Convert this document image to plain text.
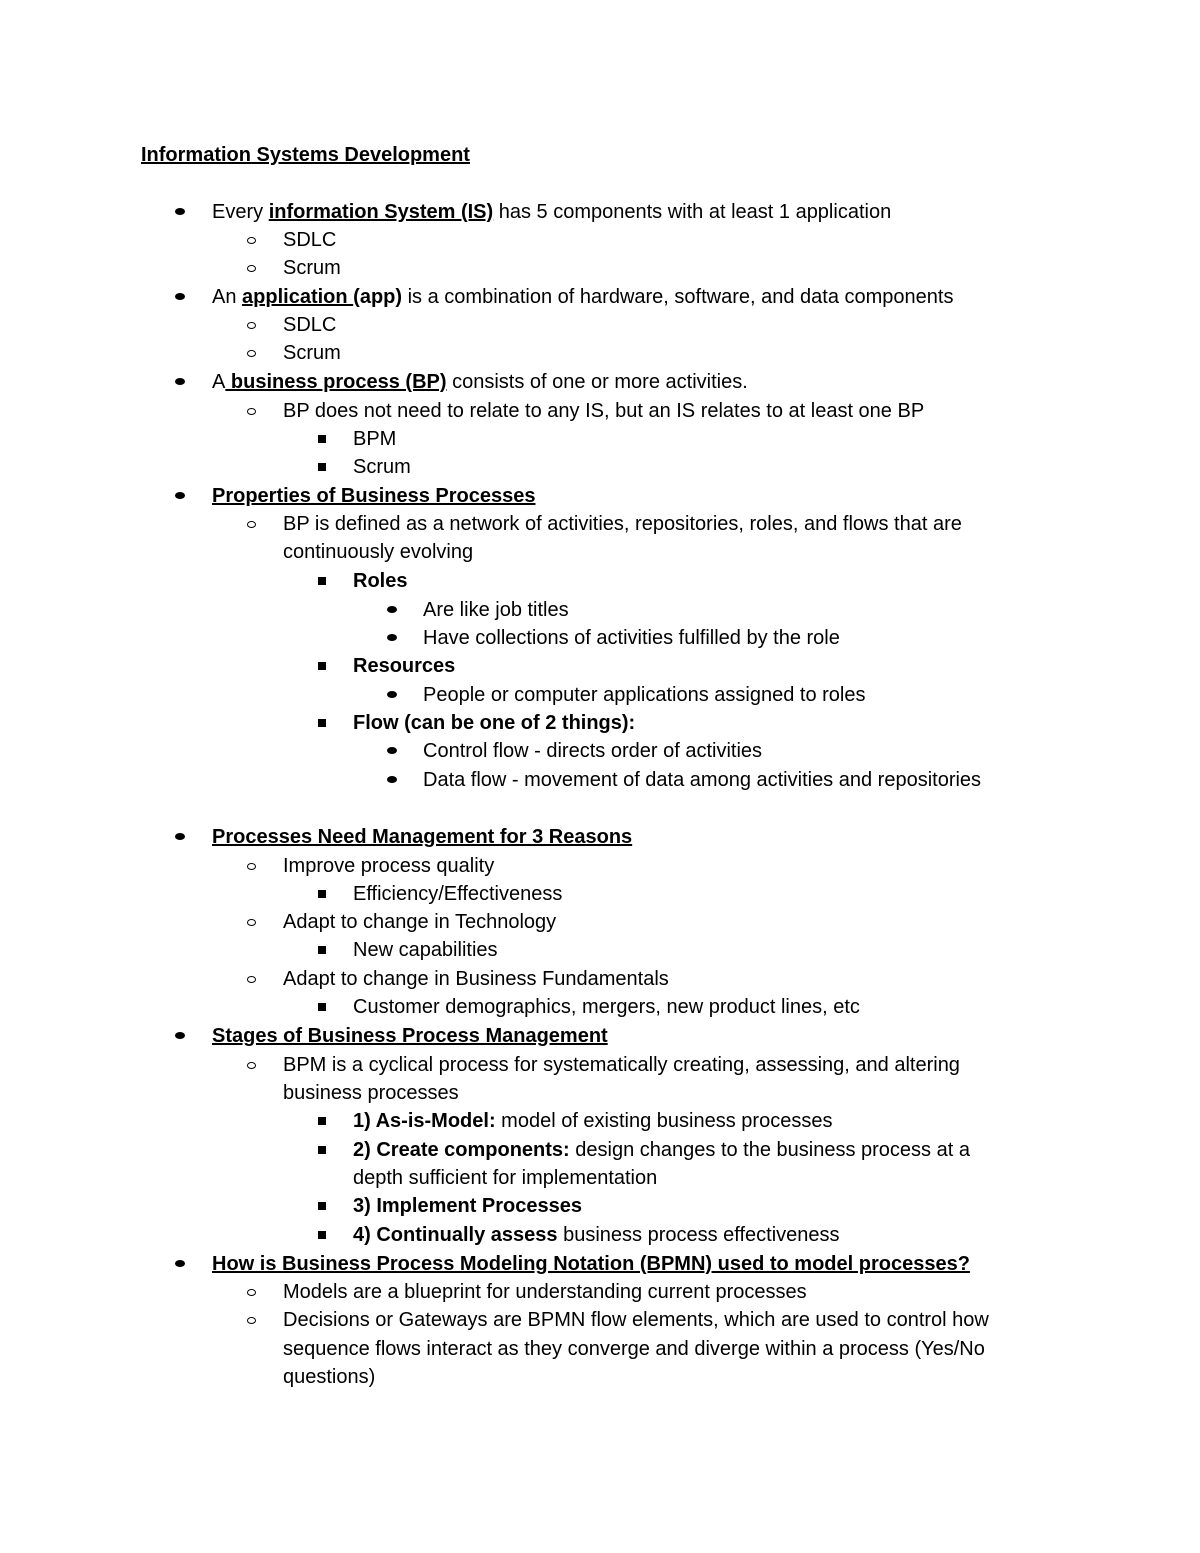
Information Systems Development
Every information System (IS) has 5 components with at least 1 application
SDLC
Scrum
An application (app) is a combination of hardware, software, and data components
SDLC
Scrum
A business process (BP) consists of one or more activities.
BP does not need to relate to any IS, but an IS relates to at least one BP
BPM
Scrum
Properties of Business Processes
BP is defined as a network of activities, repositories, roles, and flows that are
continuously evolving
Roles
Are like job titles
Have collections of activities fulfilled by the role
Resources
People or computer applications assigned to roles
Flow (can be one of 2 things):
Control flow - directs order of activities
Data flow - movement of data among activities and repositories
Processes Need Management for 3 Reasons
Improve process quality
Efficiency/Effectiveness
Adapt to change in Technology
New capabilities
Adapt to change in Business Fundamentals
Customer demographics, mergers, new product lines, etc
Stages of Business Process Management
BPM is a cyclical process for systematically creating, assessing, and altering
business processes
1) As-is-Model: model of existing business processes
2) Create components: design changes to the business process at a
depth sufficient for implementation
3) Implement Processes
4) Continually assess business process effectiveness
How is Business Process Modeling Notation (BPMN) used to model processes?
Models are a blueprint for understanding current processes
Decisions or Gateways are BPMN flow elements, which are used to control how
sequence flows interact as they converge and diverge within a process (Yes/No
questions)
